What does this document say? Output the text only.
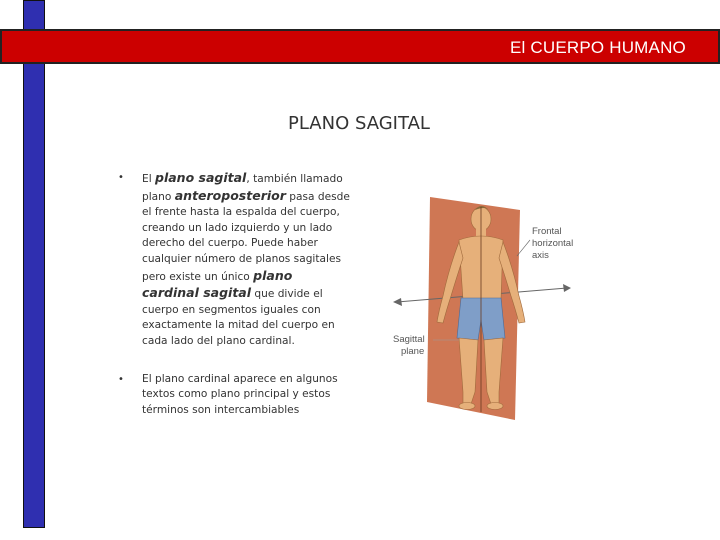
El CUERPO HUMANO
PLANO SAGITAL
•	El plano sagital, también llamado plano anteroposterior pasa desde el frente hasta la espalda del cuerpo, creando un lado izquierdo y un lado derecho del cuerpo. Puede haber cualquier número de planos sagitales pero existe un único plano cardinal sagital que divide el cuerpo en segmentos iguales con exactamente la mitad del cuerpo en cada lado del plano cardinal.
•	El plano cardinal aparece en algunos textos como plano principal y estos términos son intercambiables
Frontal
horizontal
axis
Sagittal
plane
